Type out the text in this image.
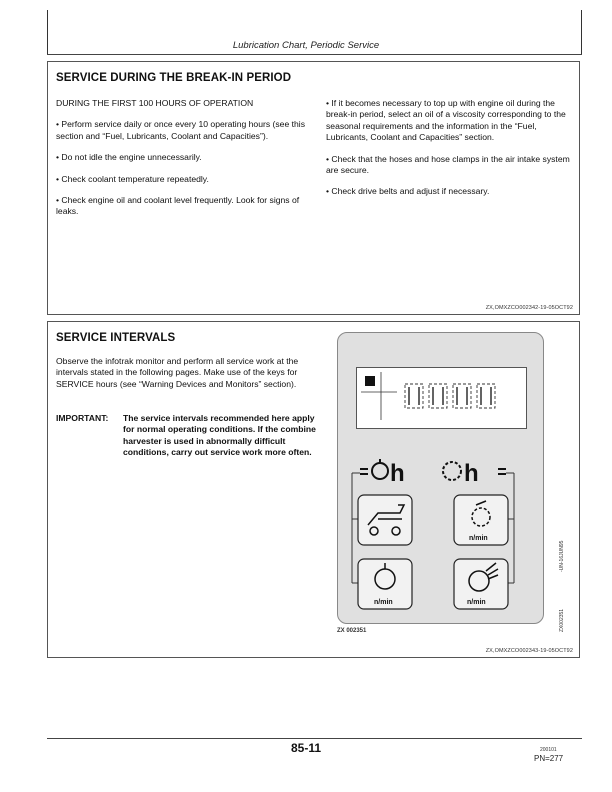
Lubrication Chart, Periodic Service
SERVICE DURING THE BREAK-IN PERIOD

DURING THE FIRST 100 HOURS OF OPERATION

• Perform service daily or once every 10 operating hours (see this section and “Fuel, Lubricants, Coolant and Capacities”).

• Do not idle the engine unnecessarily.

• Check coolant temperature repeatedly.

• Check engine oil and coolant level frequently. Look for signs of leaks.

• If it becomes necessary to top up with engine oil during the break-in period, select an oil of a viscosity corresponding to the seasonal requirements and the information in the “Fuel, Lubricants, Coolant and Capacities” section.

• Check that the hoses and hose clamps in the air intake system are secure.

• Check drive belts and adjust if necessary.

ZX,OMXZCO002342-19-05OCT92
SERVICE INTERVALS
Observe the infotrak monitor and perform all service work at the intervals stated in the following pages. Make use of the keys for SERVICE hours (see “Warning Devices and Monitors” section).
IMPORTANT: The service intervals recommended here apply for normal operating conditions. If the combine harvester is used in abnormally difficult conditions, carry out service work more often.
h h
n/min
n/min	n/min
ZX 002351
-UN-16JUN95
ZX002351
ZX,OMXZCO002343-19-05OCT92
85-11	200101
PN=277
